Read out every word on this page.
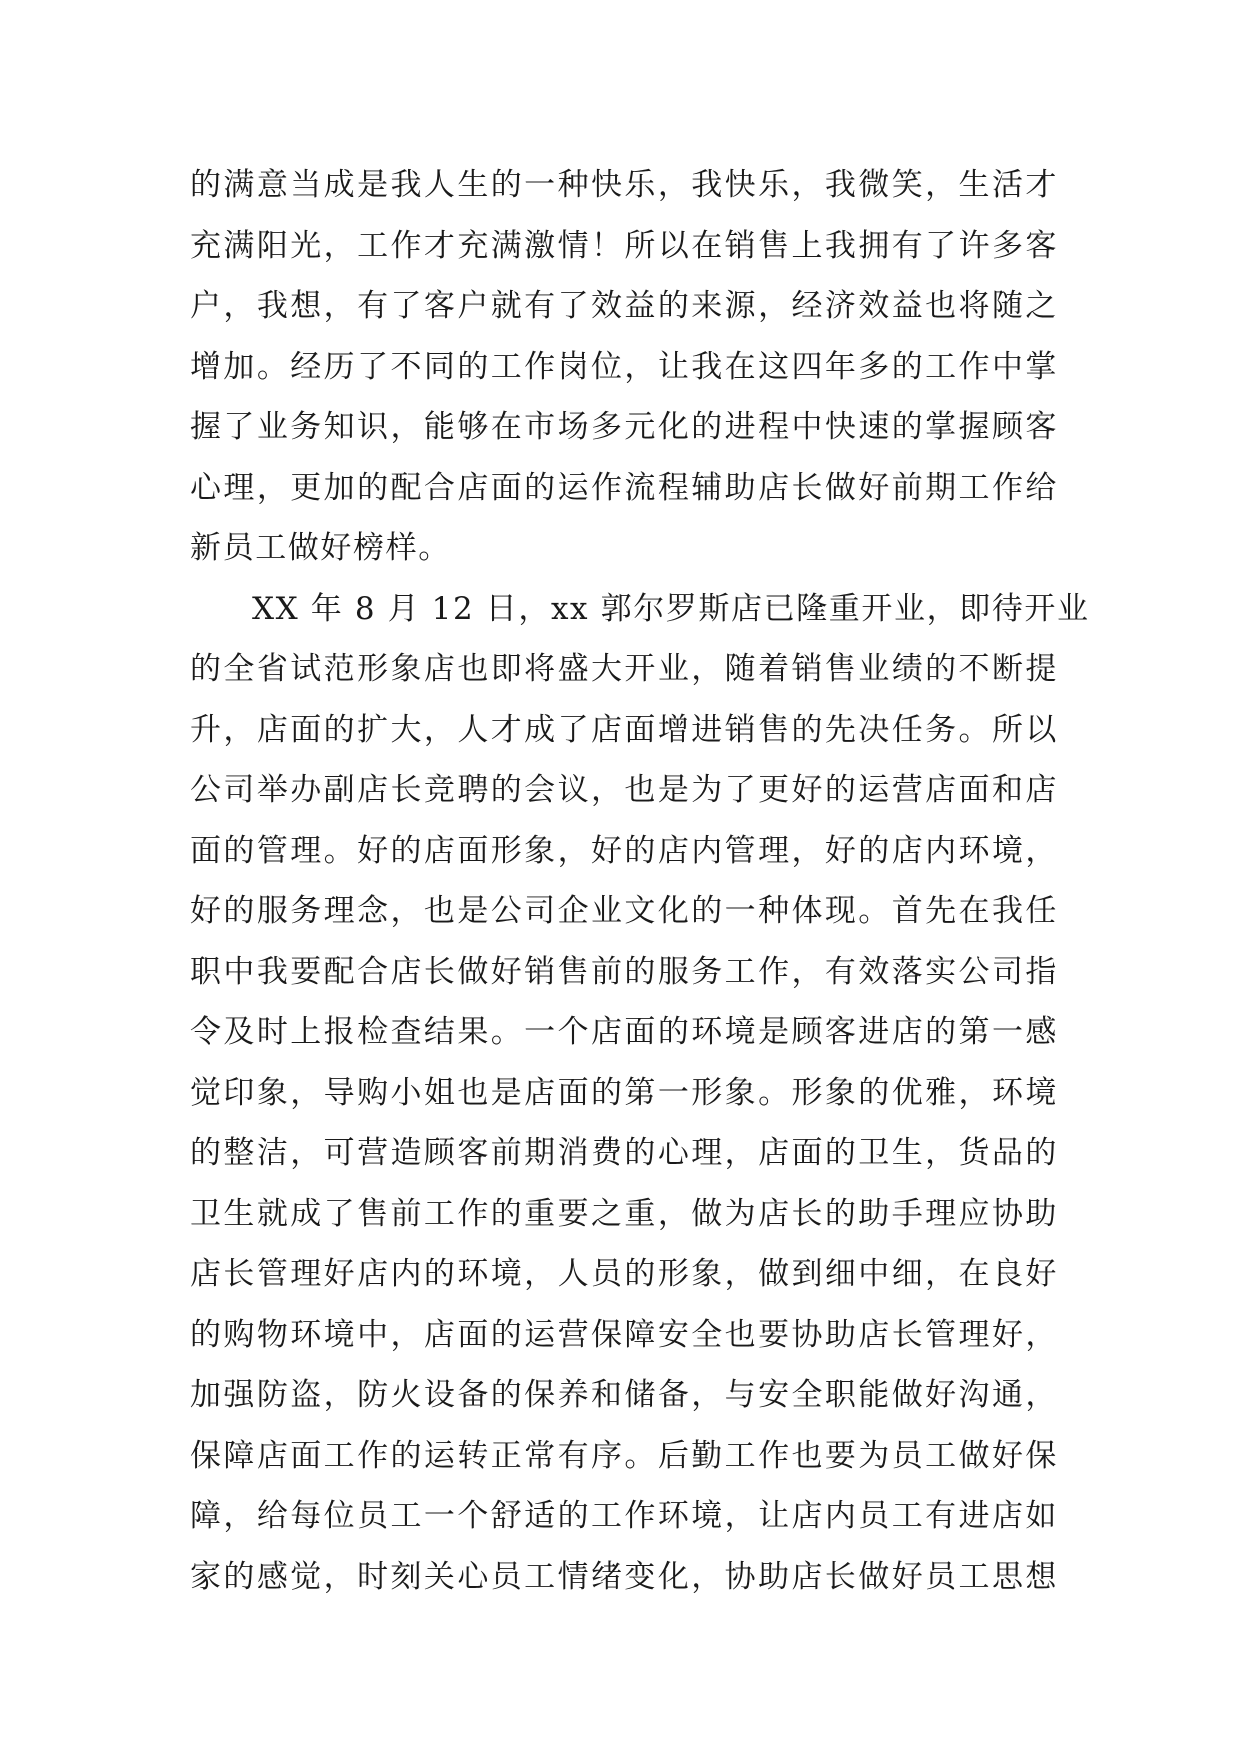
的满意当成是我人生的一种快乐，我快乐，我微笑，生活才
充满阳光，工作才充满激情！所以在销售上我拥有了许多客
户，我想，有了客户就有了效益的来源，经济效益也将随之
增加。经历了不同的工作岗位，让我在这四年多的工作中掌
握了业务知识，能够在市场多元化的进程中快速的掌握顾客
心理，更加的配合店面的运作流程辅助店长做好前期工作给
新员工做好榜样。
XX 年 8 月 12 日，xx 郭尔罗斯店已隆重开业，即待开业
的全省试范形象店也即将盛大开业，随着销售业绩的不断提
升，店面的扩大，人才成了店面增进销售的先决任务。所以
公司举办副店长竞聘的会议，也是为了更好的运营店面和店
面的管理。好的店面形象，好的店内管理，好的店内环境，
好的服务理念，也是公司企业文化的一种体现。首先在我任
职中我要配合店长做好销售前的服务工作，有效落实公司指
令及时上报检查结果。一个店面的环境是顾客进店的第一感
觉印象，导购小姐也是店面的第一形象。形象的优雅，环境
的整洁，可营造顾客前期消费的心理，店面的卫生，货品的
卫生就成了售前工作的重要之重，做为店长的助手理应协助
店长管理好店内的环境，人员的形象，做到细中细，在良好
的购物环境中，店面的运营保障安全也要协助店长管理好，
加强防盗，防火设备的保养和储备，与安全职能做好沟通，
保障店面工作的运转正常有序。后勤工作也要为员工做好保
障，给每位员工一个舒适的工作环境，让店内员工有进店如
家的感觉，时刻关心员工情绪变化，协助店长做好员工思想
